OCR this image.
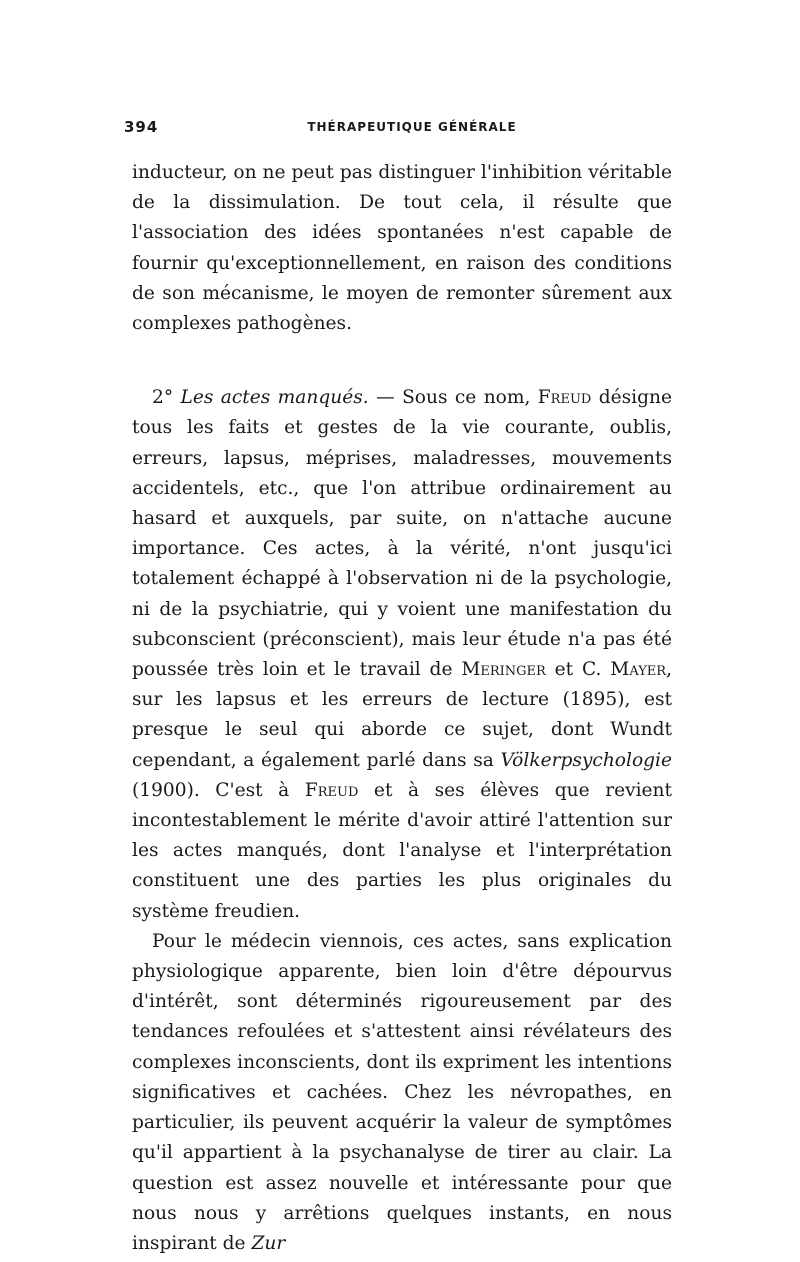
394	THÉRAPEUTIQUE GÉNÉRALE

inducteur, on ne peut pas distinguer l'inhibition véritable de la dissimulation. De tout cela, il résulte que l'association des idées spontanées n'est capable de fournir qu'exceptionnellement, en raison des conditions de son mécanisme, le moyen de remonter sûrement aux complexes pathogènes.

2° Les actes manqués. — Sous ce nom, Freud désigne tous les faits et gestes de la vie courante, oublis, erreurs, lapsus, méprises, maladresses, mouvements accidentels, etc., que l'on attribue ordinairement au hasard et auxquels, par suite, on n'attache aucune importance. Ces actes, à la vérité, n'ont jusqu'ici totalement échappé à l'observation ni de la psychologie, ni de la psychiatrie, qui y voient une manifestation du subconscient (préconscient), mais leur étude n'a pas été poussée très loin et le travail de Meringer et C. Mayer, sur les lapsus et les erreurs de lecture (1895), est presque le seul qui aborde ce sujet, dont Wundt cependant, a également parlé dans sa Völkerpsychologie (1900). C'est à Freud et à ses élèves que revient incontestablement le mérite d'avoir attiré l'attention sur les actes manqués, dont l'analyse et l'interprétation constituent une des parties les plus originales du système freudien.

Pour le médecin viennois, ces actes, sans explication physiologique apparente, bien loin d'être dépourvus d'intérêt, sont déterminés rigoureusement par des tendances refoulées et s'attestent ainsi révélateurs des complexes inconscients, dont ils expriment les intentions significatives et cachées. Chez les névropathes, en particulier, ils peuvent acquérir la valeur de symptômes qu'il appartient à la psychanalyse de tirer au clair. La question est assez nouvelle et intéressante pour que nous nous y arrêtions quelques instants, en nous inspirant de Zur
